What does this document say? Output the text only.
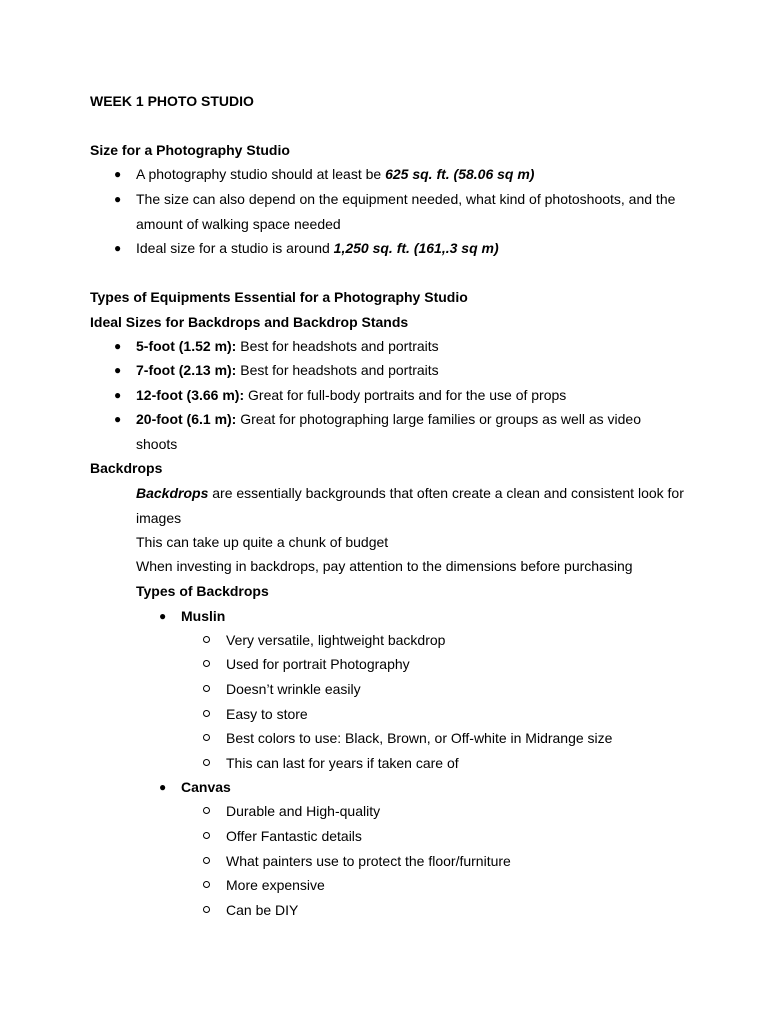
WEEK 1 PHOTO STUDIO
Size for a Photography Studio
● A photography studio should at least be 625 sq. ft. (58.06 sq m)
● The size can also depend on the equipment needed, what kind of photoshoots, and the
amount of walking space needed
● Ideal size for a studio is around 1,250 sq. ft. (161,.3 sq m)
Types of Equipments Essential for a Photography Studio
Ideal Sizes for Backdrops and Backdrop Stands
● 5-foot (1.52 m): Best for headshots and portraits
● 7-foot (2.13 m): Best for headshots and portraits
● 12-foot (3.66 m): Great for full-body portraits and for the use of props
● 20-foot (6.1 m): Great for photographing large families or groups as well as video
shoots
Backdrops
Backdrops are essentially backgrounds that often create a clean and consistent look for
images
This can take up quite a chunk of budget
When investing in backdrops, pay attention to the dimensions before purchasing
Types of Backdrops
● Muslin
Very versatile, lightweight backdrop
Used for portrait Photography
Doesn’t wrinkle easily
Easy to store
Best colors to use: Black, Brown, or Off-white in Midrange size
This can last for years if taken care of
● Canvas
Durable and High-quality
Offer Fantastic details
What painters use to protect the floor/furniture
More expensive
Can be DIY
